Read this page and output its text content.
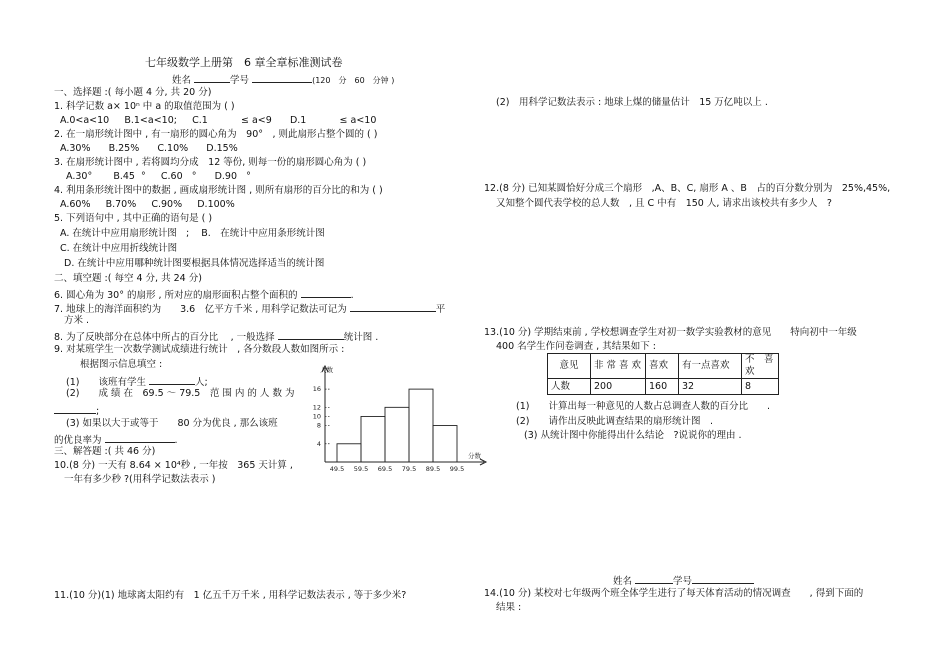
七年级数学上册第　6 章全章标准测试卷
姓名	学号	(120　分　60　分钟 )
一、选择题 :( 每小题 4 分, 共 20 分)
1. 科学记数 a× 10ⁿ 中 a 的取值范围为 ( )
A.0<a<10 B.1<a<10; C.1	≤ a<9 D.1	≤ a<10
2. 在一扇形统计图中 , 有一扇形的圆心角为　90°　, 则此扇形占整个圆的 ( )
A.30% B.25% C.10% D.15%
3. 在扇形统计图中 , 若将圆均分成　12 等份, 则每一份的扇形圆心角为 ( )
A.30° B.45 ° C.60 ° D.90 °
4. 利用条形统计图中的数据 , 画成扇形统计图 , 则所有扇形的百分比的和为 ( )
A.60% B.70% C.90% D.100%
5. 下列语句中 , 其中正确的语句是 ( )
A. 在统计中应用扇形统计图 ; B.　在统计中应用条形统计图
C. 在统计中应用折线统计图
D. 在统计中应用哪种统计图要根据具体情况选择适当的统计图
二、填空题 :( 每空 4 分, 共 24 分)
6. 圆心角为 30° 的扇形 , 所对应的扇形面积占整个面积的	.
7. 地球上的海洋面积约为　　3.6　亿平方千米 , 用科学记数法可记为	平
方米 .
8. 为了反映部分在总体中所占的百分比　 , 一般选择	统计图 .
9. 对某班学生一次数学测试成绩进行统计　, 各分数段人数如图所示 :
根据图示信息填空 :
(1)　　该班有学生	人;
(2)　　成 绩 在　69.5 ～ 79.5　范 围 内 的 人 数 为
;
(3) 如果以大于或等于　　80 分为优良 , 那么该班
的优良率为	.
三、解答题 :( 共 46 分)
10.(8 分) 一天有 8.64 × 10⁴秒 , 一年按　365 天计算 ,
一年有多少秒 ?(用科学记数法表示 )
11.(10 分)(1) 地球离太阳约有　1 亿五千万千米 , 用科学记数法表示 , 等于多少米?
人数
分数
4
8
10
12
16
49.5 59.5 69.5 79.5 89.5 99.5
(2)　用科学记数法表示 : 地球上煤的储量估计　15 万亿吨以上 .
12.(8 分) 已知某圆恰好分成三个扇形　,A、B、C, 扇形 A 、B　占的百分数分别为　25%,45%,
又知整个圆代表学校的总人数　, 且 C 中有　150 人, 请求出该校共有多少人　?
13.(10 分) 学期结束前 , 学校想调查学生对初一数学实验教材的意见　　特向初中一年级
400 名学生作问卷调查 , 其结果如下 :
意见	非 常 喜 欢	喜欢	有一点喜欢	不　喜 欢
人数	200	160	32	8
(1)　　计算出每一种意见的人数占总调查人数的百分比　　.
(2)　　请作出反映此调查结果的扇形统计图　.
(3) 从统计图中你能得出什么结论　?说说你的理由 .
姓名	学号
14.(10 分) 某校对七年级两个班全体学生进行了每天体育活动的情况调查　　, 得到下面的
结果 :
